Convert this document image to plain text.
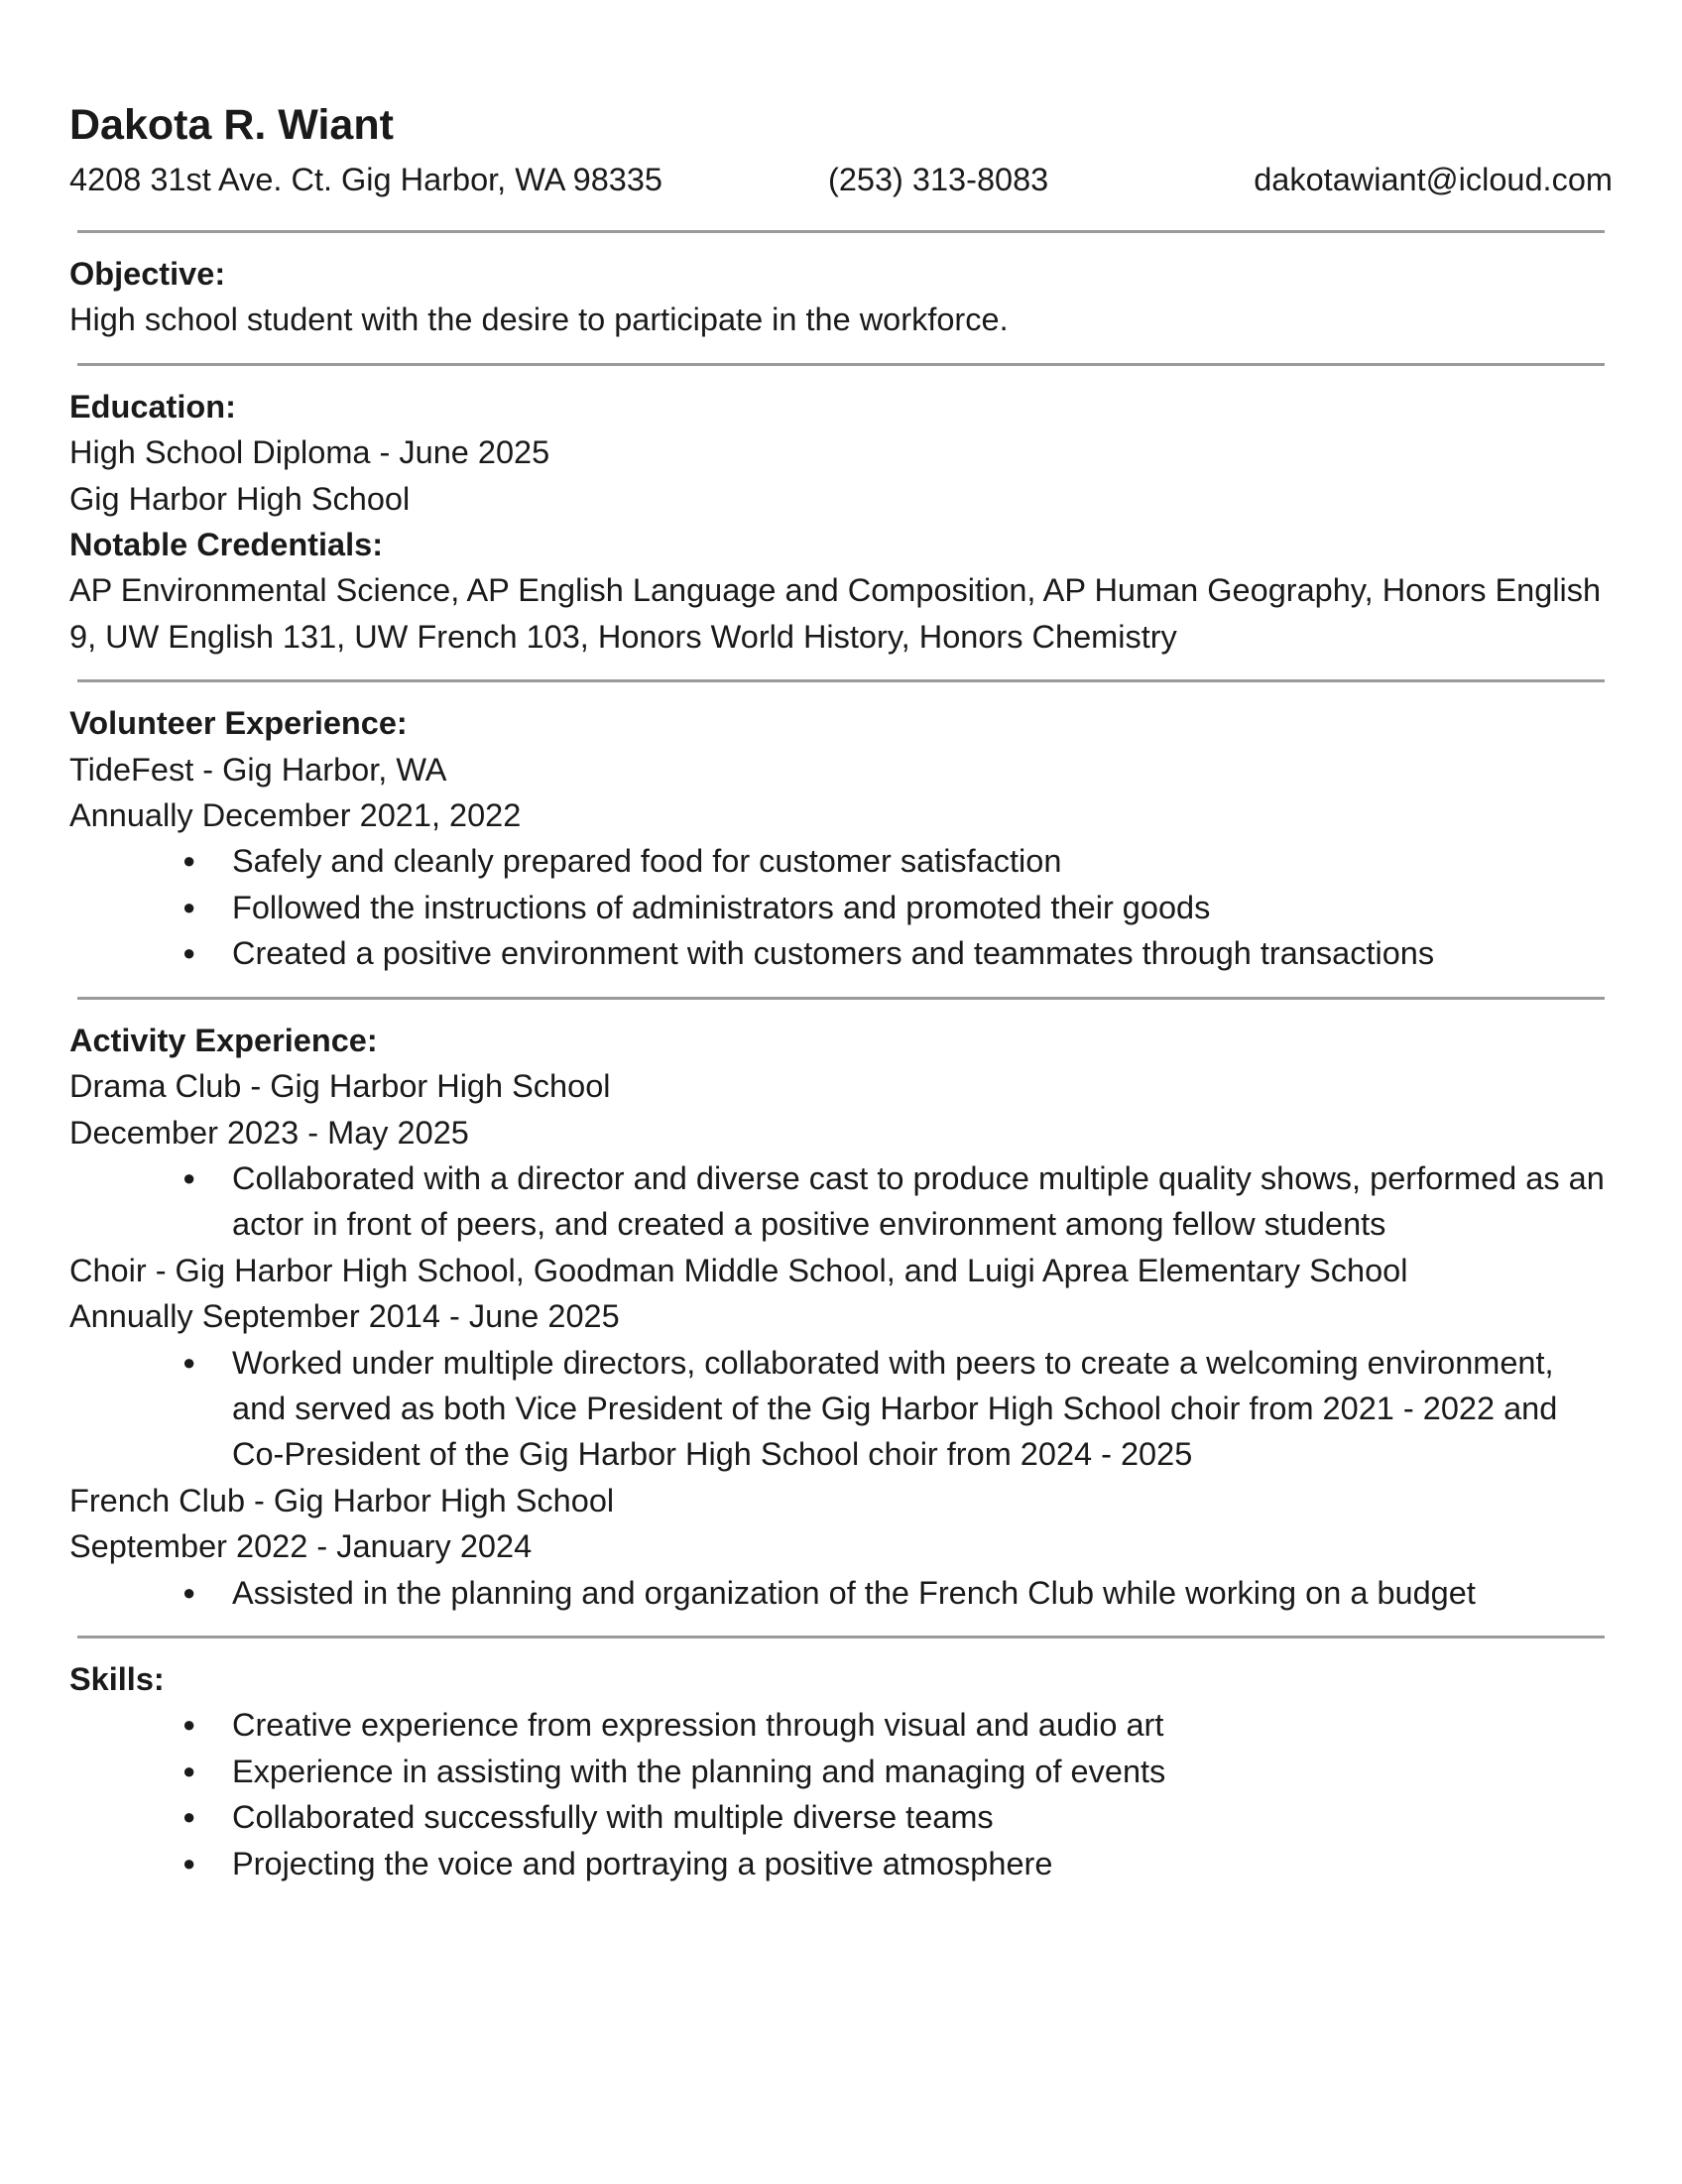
Dakota R. Wiant
4208 31st Ave. Ct. Gig Harbor, WA 98335	(253) 313-8083	dakotawiant@icloud.com
Objective:
High school student with the desire to participate in the workforce.
Education:
High School Diploma - June 2025
Gig Harbor High School
Notable Credentials:
AP Environmental Science, AP English Language and Composition, AP Human Geography, Honors English 9, UW English 131, UW French 103, Honors World History, Honors Chemistry
Volunteer Experience:
TideFest - Gig Harbor, WA
Annually December 2021, 2022
● Safely and cleanly prepared food for customer satisfaction
● Followed the instructions of administrators and promoted their goods
● Created a positive environment with customers and teammates through transactions
Activity Experience:
Drama Club - Gig Harbor High School
December 2023 - May 2025
● Collaborated with a director and diverse cast to produce multiple quality shows, performed as an actor in front of peers, and created a positive environment among fellow students
Choir - Gig Harbor High School, Goodman Middle School, and Luigi Aprea Elementary School
Annually September 2014 - June 2025
● Worked under multiple directors, collaborated with peers to create a welcoming environment, and served as both Vice President of the Gig Harbor High School choir from 2021 - 2022 and Co-President of the Gig Harbor High School choir from 2024 - 2025
French Club - Gig Harbor High School
September 2022 - January 2024
● Assisted in the planning and organization of the French Club while working on a budget
Skills:
● Creative experience from expression through visual and audio art
● Experience in assisting with the planning and managing of events
● Collaborated successfully with multiple diverse teams
● Projecting the voice and portraying a positive atmosphere
